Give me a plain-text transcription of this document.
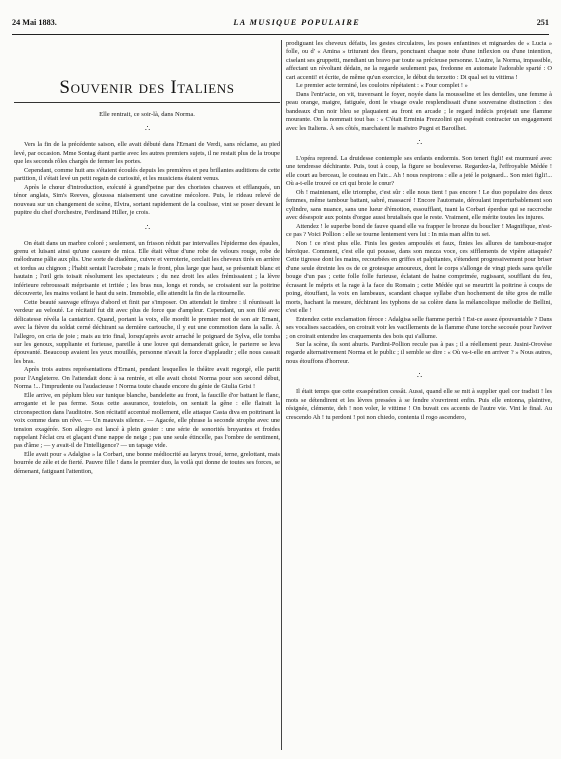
24 Mai 1883.	LA MUSIQUE POPULAIRE	251
Souvenir des Italiens
Elle rentrait, ce soir-là, dans Norma.
∴

Vers la fin de la précédente saison, elle avait débuté dans l'Ernani de Verdi, sans réclame, au pied levé, par occasion. Mme Sontag étant partie avec les autres premiers sujets, il ne restait plus de la troupe que les seconds rôles chargés de fermer les portes.

Cependant, comme huit ans s'étaient écoulés depuis les premières et peu brillantes auditions de cette partition, il s'était levé un petit regain de curiosité, et les musiciens étaient venus.

Après le chœur d'introduction, exécuté à grand'peine par des choristes chauves et efflanqués, un ténor anglais, Sim's Reeves, glousssa niaisement une cavatine mécolore. Puis, le rideau relevé de nouveau sur un changement de scène, Elvira, sortant rapidement de la coulisse, vint se poser devant le pupitre du chef d'orchestre, Ferdinand Hiller, je crois.

∴

On était dans un marbre coloré ; seulement, un frisson réduit par intervalles l'épiderme des épaules, grenu et luisant ainsi qu'une cassure de mica. Elle était vêtue d'une robe de velours rouge, robe de mélodrame pâlie aux plis. Une sorte de diadème, cuivre et verroterie, cerclait les cheveux tirés en arrière et tordus au chignon ; l'habit sentait l'acrobate ; mais le front, plus large que haut, se présentait blanc et hautain ; l'œil gris toisait résolument les spectateurs ; du nez droit les ailes frémissaient ; la lèvre inférieure rebroussait méprisante et irritée ; les bras nus, longs et ronds, se croisaient sur la poitrine découverte, les mains voilant le haut du sein. Immobile, elle attendit la fin de la ritournelle.

Cette beauté sauvage effraya d'abord et finit par s'imposer. On attendait le timbre : il réunissait la verdeur au velouté. Le récitatif fut dit avec plus de force que d'ampleur. Cependant, un son filé avec délicatesse révéla la cantatrice. Quand, portant la voix, elle mordit le premier mot de son air Ernani, avec la fièvre du soldat cerné déchirant sa dernière cartouche, il y eut une commotion dans la salle. À l'allegro, on cria de joie ; mais au trio final, lorsqu'après avoir arraché le poignard de Sylva, elle tomba sur les genoux, suppliante et furieuse, pareille à une louve qui demanderait grâce, le parterre se leva épouvanté. Beaucoup avaient les yeux mouillés, personne n'avait la force d'applaudir ; elle nous cassait les bras.

Après trois autres représentations d'Ernani, pendant lesquelles le théâtre avait regorgé, elle partit pour l'Angleterre. On l'attendait donc à sa rentrée, et elle avait choisi Norma pour son second début, Norma !... l'imprudente ou l'audacieuse ! Norma toute chaude encore du génie de Giulia Grisi !

Elle arrive, en péplum bleu sur tunique blanche, bandelette au front, la faucille d'or battant le flanc, arrogante et le pas ferme. Sous cette assurance, toutefois, on sentait la gêne : elle flairait la circonspection dans l'auditoire. Son récitatif accentué mollement, elle attaque Casta diva en poitrinant la voix comme dans un rêve. — Un mauvais silence. — Agacée, elle phrase la seconde strophe avec une tension exagérée. Son allegro est lancé à plein gosier : une série de sonorités bruyantes et froides rappelant l'éclat cru et glaçant d'une nappe de neige ; pas une seule étincelle, pas l'ombre de sentiment, pas d'âme ; — y avait-il de l'intelligence? — un tapage vide.

Elle avait pour « Adalgise » la Corbari, une bonne médiocrité au larynx troué, terne, grelottant, mais bourrée de zèle et de fierté. Pauvre fille ! dans le premier duo, la voilà qui donne de toutes ses forces, se démenant, fatiguant l'attention,

prodiguant les cheveux défaits, les gestes circulaires, les poses enfantines et mignardes de « Lucia » folle, ou d' « Amina » triturant des fleurs, ponctuant chaque note d'une inflexion ou d'une intention, ciselant ses gruppetti, mendiant un bravo par toute sa précieuse personne. L'autre, la Norma, impassible, affectant un révoltant dédain, ne la regarde seulement pas, fredonne en automate l'adorable sparté : O cari accenti! et écrite, de même qu'un exercice, le début du terzetto : Di qual sei tu vittima !

Le premier acte terminé, les couloirs répétaient : « Four complet ! »

Dans l'entr'acte, on vit, traversant le foyer, noyée dans la mousseline et les dentelles, une femme à peau orange, maigre, fatiguée, dont le visage ovale resplendissait d'une souveraine distinction : des bandeaux d'un noir bleu se plaquaient au front en arcade ; le regard indécis projetait une flamme mourante. On la nommait tout bas : « C'était Erminia Frezzolini qui espérait contracter un engagement avec les Italiens. À ses côtés, marchaient le maëstro Pugni et Baroilhet.

∴

L'opéra reprend. La druidesse contemple ses enfants endormis. Son teneri figli! est murmuré avec une tendresse déchirante. Puis, tout à coup, la figure se bouleverse. Regardez-la, l'effroyable Médée ! elle court au berceau, le couteau en l'air... Ah ! nous respirons : elle a jeté le poignard... Son miei figli!... Où a-t-elle trouvé ce cri qui broie le cœur?

Oh ! maintenant, elle triomphe, c'est sûr : elle nous tient ! pas encore ! Le duo populaire des deux femmes, même tambour battant, sabré, massacré ! Encore l'automate, déroulant imperturbablement son cylindre, sans nuance, sans une lueur d'émotion, essoufflant, tuant la Corbari éperdue qui se raccroche avec désespoir aux points d'orgue aussi brutalisés que le reste. Vraiment, elle mérite toutes les injures.

Attendez ! le superbe bond de fauve quand elle va frapper le bronze du bouclier ! Magnifique, n'est-ce pas ? Voici Pollion : elle se tourne lentement vers lui : In mia man alfin tu sei.

Non ! ce n'est plus elle. Finis les gestes ampoulés et faux, finies les allures de tambour-major héroïque. Comment, c'est elle qui pousse, dans son mezza voce, ces sifflements de vipère attaquée? Cette tigresse dont les mains, recourbées en griffes et palpitantes, s'étendent progressivement pour briser d'une seule étreinte les os de ce grotesque amoureux, dont le corps s'allonge de vingt pieds sans qu'elle bouge d'un pas ; cette folle folle furieuse, éclatant de haine comprimée, rugissant, soufflant du feu, écrasant le mépris et la rage à la face du Romain ; cette Médée qui se meurtrit la poitrine à coups de poing, étouffant, la voix en lambeaux, scandant chaque syllabe d'un hochement de tête gros de mille morts, hachant la mesure, déchirant les typhons de sa colère dans la mélancolique mélodie de Bellini, c'est elle !

Entendez cette exclamation féroce : Adalgisa selle fiamme perirà ! Est-ce assez épouvantable ? Dans ses vocalises saccadées, on croirait voir les vacillements de la flamme d'une torche secouée pour l'aviver ; on croirait entendre les craquements des bois qui s'allume.

Sur la scène, ils sont ahuris. Pardini-Pollion recule pas à pas ; il a réellement peur. Jusini-Orovèse regarde alternativement Norma et le public ; il semble se dire : « Où va-t-elle en arriver ? » Nous autres, nous étouffons d'horreur.

∴

Il était temps que cette exaspération cessât. Aussi, quand elle se mit à supplier quel cor tradisti ! les mots se détendirent et les lèvres pressées à se fendre s'ouvrirent enfin. Puis elle entonna, plaintive, résignée, clémente, deh ! non voler, le vittime ! On buvait ces accents de l'autre vie. Vint le final. Au crescendo Ah ! tu perdoni ! poi non chiedo, contenta il rogo ascendero,
